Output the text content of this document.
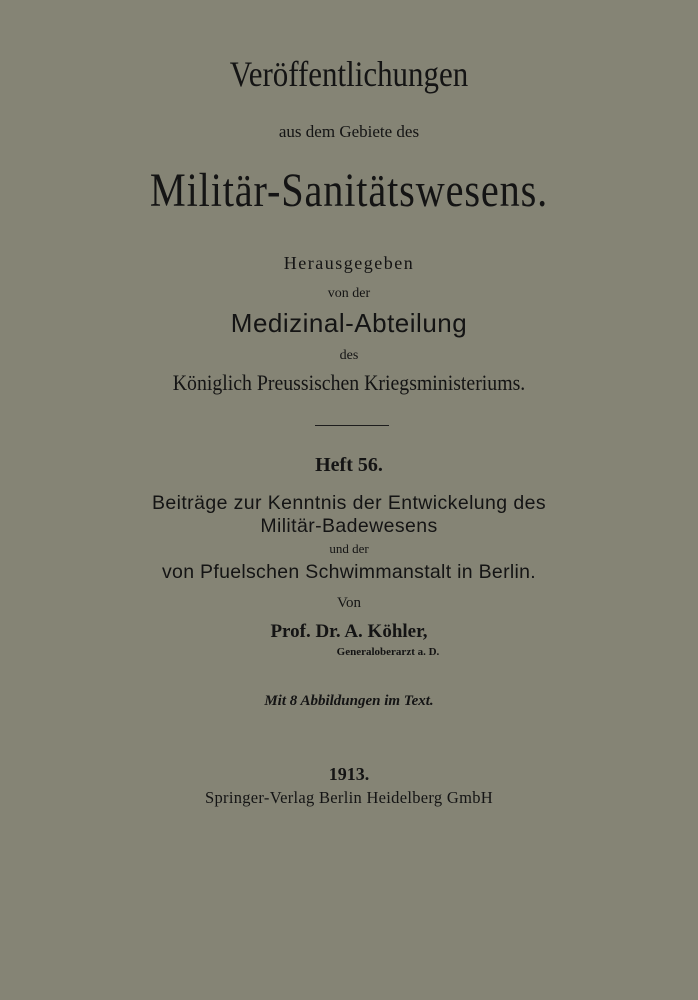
Veröffentlichungen
aus dem Gebiete des
Militär-Sanitätswesens.
Herausgegeben
von der
Medizinal-Abteilung
des
Königlich Preussischen Kriegsministeriums.
Heft 56.
Beiträge zur Kenntnis der Entwickelung des
Militär-Badewesens
und der
von Pfuelschen Schwimmanstalt in Berlin.
Von
Prof. Dr. A. Köhler,
Generaloberarzt a. D.
Mit 8 Abbildungen im Text.
1913.
Springer-Verlag Berlin Heidelberg GmbH
